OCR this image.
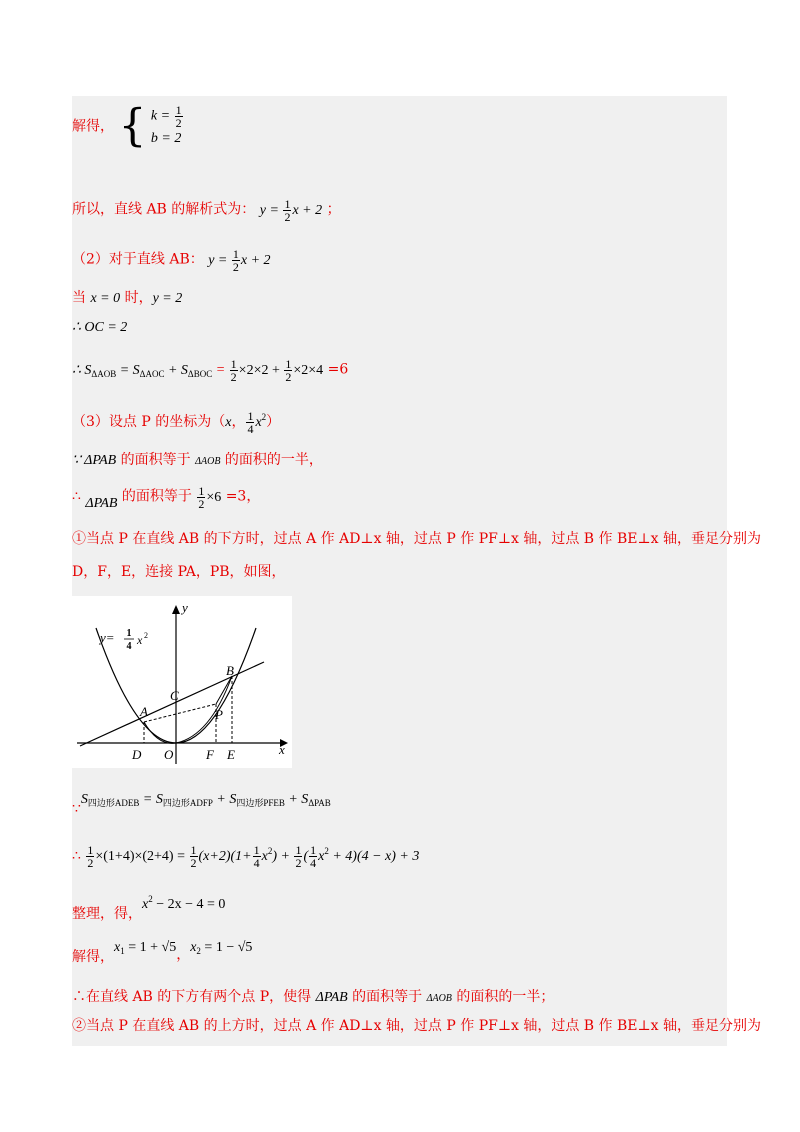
解得， { $k = \frac{1}{2}$
b = 2
所以，直线 AB 的解析式为： $y = \frac{1}{2}$ x + 2 ；
（2）对于直线 AB： $y = \frac{1}{2}$ x + 2
当 x = 0 时，y = 2
∴ OC = 2
∴ $S_{\Delta AOB} = S_{\Delta AOC} + S_{\Delta BOC} = \frac{1}{2} \times 2\times 2 + \frac{1}{2} \times 2\times 4 =6$
（3）设点 P 的坐标为（x， $\frac{1}{4} x^2$）
∵ ΔPAB 的面积等于 ΔAOB 的面积的一半，
∴ ΔPAB 的面积等于 $\frac{1}{2} \times 6 =3$，
①当点 P 在直线 AB 的下方时，过点 A 作 AD⊥x 轴，过点 P 作 PF⊥x 轴，过点 B 作 BE⊥x 轴，垂足分别为
D，F，E，连接 PA，PB，如图，
y= 1
4 x 2
x
y
A
B
C
P
D O	F E
$\because S_{四边形ADEB} = S_{四边形ADFP} + S_{四边形PFEB} + S_{\Delta PAB}$
∴ $\frac{1}{2} \times(1+4)\times(2+4) = \frac{1}{2} (x+2)(1+ \frac{1}{4} x^2) + \frac{1}{2}$ ( $\frac{1}{4} x^2 + 4)(4 - x) + 3$
整理，得，$x^2 - 2x - 4 = 0$
解得，$x_1 = 1 + √5$，$x_2 = 1 - √5$
∴在直线 AB 的下方有两个点 P，使得 ΔPAB 的面积等于 ΔAOB 的面积的一半；
②当点 P 在直线 AB 的上方时，过点 A 作 AD⊥x 轴，过点 P 作 PF⊥x 轴，过点 B 作 BE⊥x 轴，垂足分别为
